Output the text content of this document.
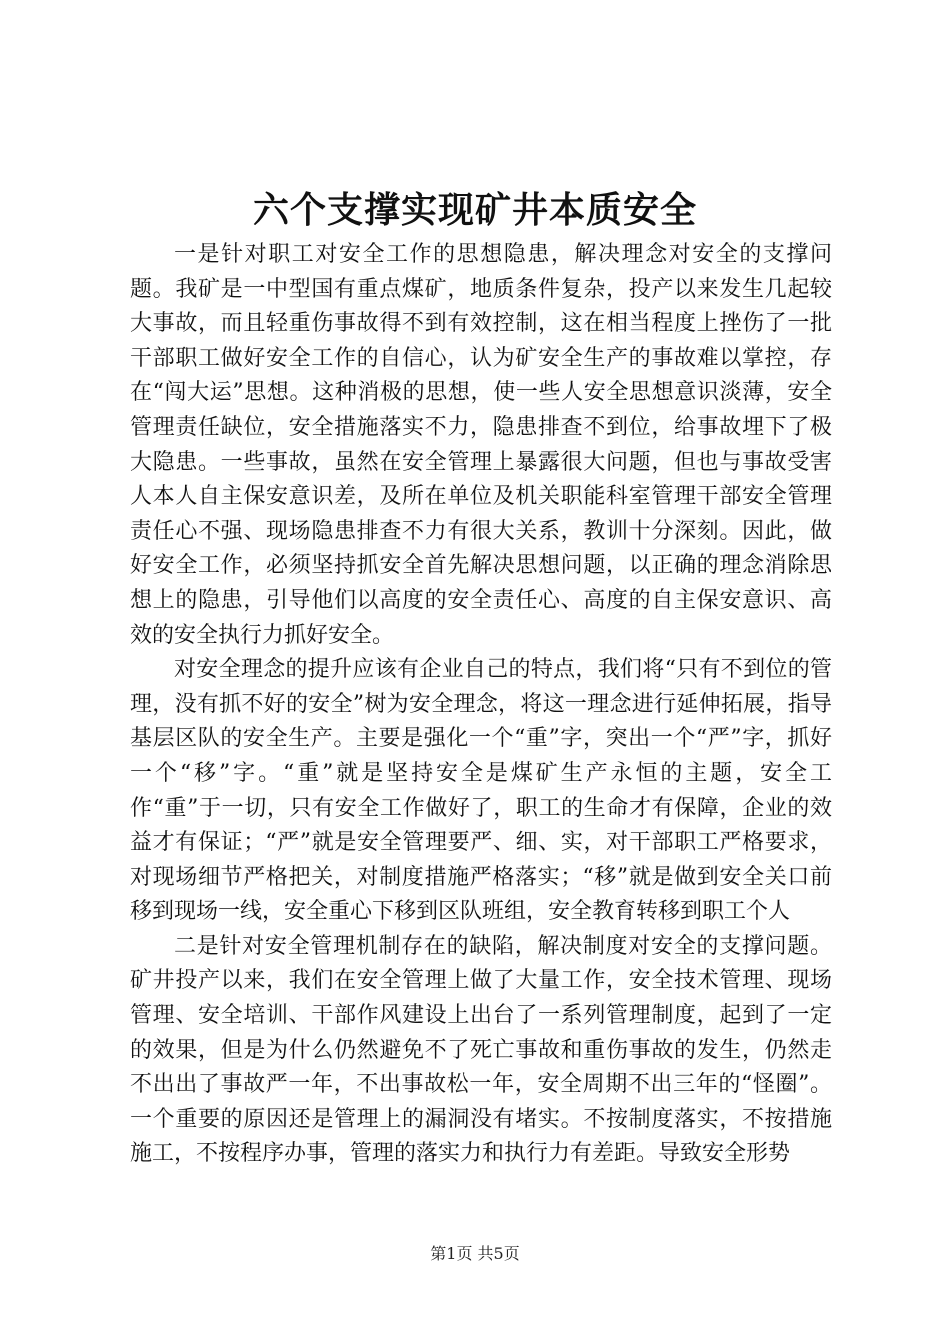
六个支撑实现矿井本质安全

一是针对职工对安全工作的思想隐患，解决理念对安全的支撑问题。我矿是一中型国有重点煤矿，地质条件复杂，投产以来发生几起较大事故，而且轻重伤事故得不到有效控制，这在相当程度上挫伤了一批干部职工做好安全工作的自信心，认为矿安全生产的事故难以掌控，存在“闯大运”思想。这种消极的思想，使一些人安全思想意识淡薄，安全管理责任缺位，安全措施落实不力，隐患排查不到位，给事故埋下了极大隐患。一些事故，虽然在安全管理上暴露很大问题，但也与事故受害人本人自主保安意识差，及所在单位及机关职能科室管理干部安全管理责任心不强、现场隐患排查不力有很大关系，教训十分深刻。因此，做好安全工作，必须坚持抓安全首先解决思想问题，以正确的理念消除思想上的隐患，引导他们以高度的安全责任心、高度的自主保安意识、高效的安全执行力抓好安全。

对安全理念的提升应该有企业自己的特点，我们将“只有不到位的管理，没有抓不好的安全”树为安全理念，将这一理念进行延伸拓展，指导基层区队的安全生产。主要是强化一个“重”字，突出一个“严”字，抓好一个“移”字。“重”就是坚持安全是煤矿生产永恒的主题，安全工作“重”于一切，只有安全工作做好了，职工的生命才有保障，企业的效益才有保证；“严”就是安全管理要严、细、实，对干部职工严格要求，对现场细节严格把关，对制度措施严格落实；“移”就是做到安全关口前移到现场一线，安全重心下移到区队班组，安全教育转移到职工个人

二是针对安全管理机制存在的缺陷，解决制度对安全的支撑问题。矿井投产以来，我们在安全管理上做了大量工作，安全技术管理、现场管理、安全培训、干部作风建设上出台了一系列管理制度，起到了一定的效果，但是为什么仍然避免不了死亡事故和重伤事故的发生，仍然走不出出了事故严一年，不出事故松一年，安全周期不出三年的“怪圈”。一个重要的原因还是管理上的漏洞没有堵实。不按制度落实，不按措施施工，不按程序办事，管理的落实力和执行力有差距。导致安全形势

第1页 共5页
